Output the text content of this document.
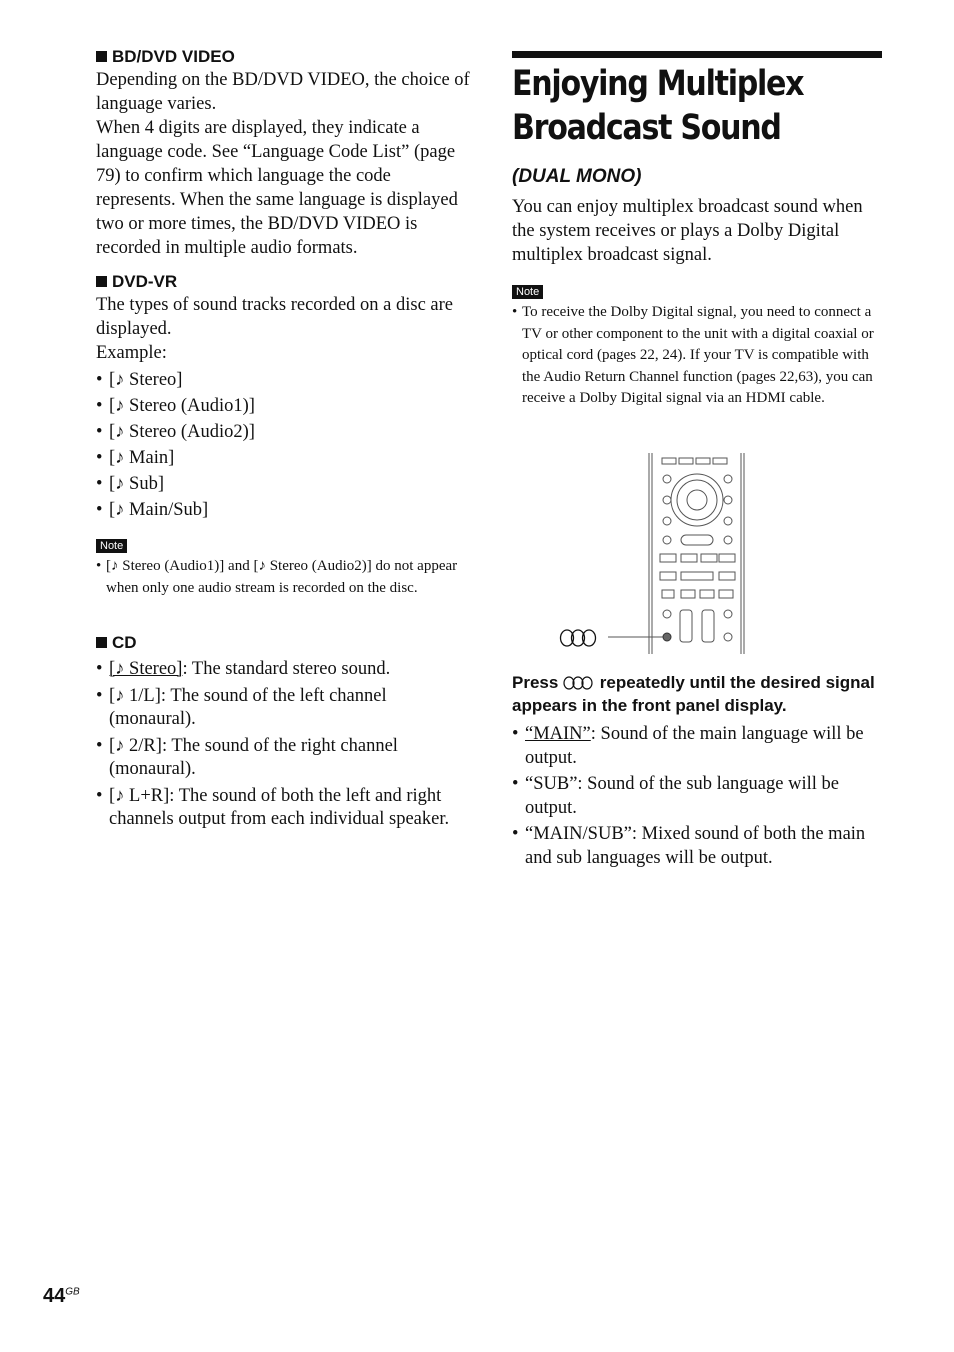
BD/DVD VIDEO

Depending on the BD/DVD VIDEO, the choice of language varies.

When 4 digits are displayed, they indicate a language code. See “Language Code List” (page 79) to confirm which language the code represents. When the same language is displayed two or more times, the BD/DVD VIDEO is recorded in multiple audio formats.

DVD-VR

The types of sound tracks recorded on a disc are displayed.

Example:

• [♪ Stereo]
• [♪ Stereo (Audio1)]
• [♪ Stereo (Audio2)]
• [♪ Main]
• [♪ Sub]
• [♪ Main/Sub]
Note
• [♪ Stereo (Audio1)] and [♪ Stereo (Audio2)] do not appear when only one audio stream is recorded on the disc.
CD
• [♪ Stereo]: The standard stereo sound.
• [♪ 1/L]: The sound of the left channel (monaural).
• [♪ 2/R]: The sound of the right channel (monaural).
• [♪ L+R]: The sound of both the left and right channels output from each individual speaker.
Enjoying Multiplex Broadcast Sound
(DUAL MONO)
You can enjoy multiplex broadcast sound when the system receives or plays a Dolby Digital multiplex broadcast signal.
Note
• To receive the Dolby Digital signal, you need to connect a TV or other component to the unit with a digital coaxial or optical cord (pages 22, 24). If your TV is compatible with the Audio Return Channel function (pages 22,63), you can receive a Dolby Digital signal via an HDMI cable.
Press repeatedly until the desired signal appears in the front panel display.
• “MAIN”: Sound of the main language will be output.
• “SUB”: Sound of the sub language will be output.
• “MAIN/SUB”: Mixed sound of both the main and sub languages will be output.
$44^{GB}$
